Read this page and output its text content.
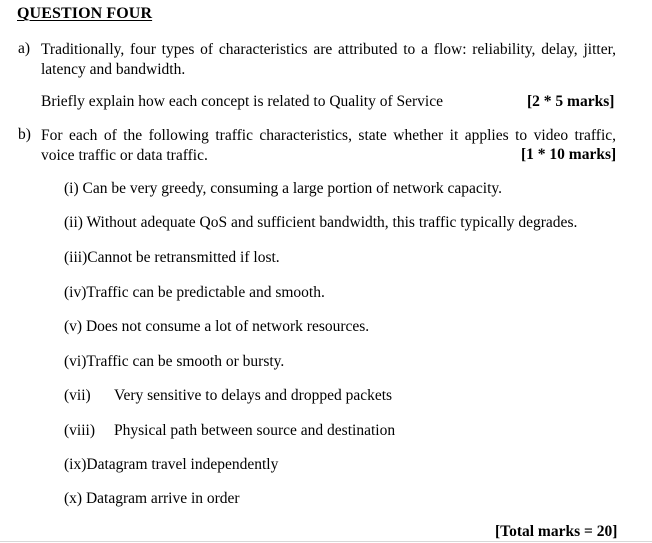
QUESTION FOUR
a) Traditionally, four types of characteristics are attributed to a flow: reliability, delay, jitter, latency and bandwidth.
Briefly explain how each concept is related to Quality of Service	[2 * 5 marks]
b) For each of the following traffic characteristics, state whether it applies to video traffic, voice traffic or data traffic.	[1 * 10 marks]
(i) Can be very greedy, consuming a large portion of network capacity.
(ii) Without adequate QoS and sufficient bandwidth, this traffic typically degrades.
(iii)Cannot be retransmitted if lost.
(iv)Traffic can be predictable and smooth.
(v) Does not consume a lot of network resources.
(vi)Traffic can be smooth or bursty.
(vii) Very sensitive to delays and dropped packets
(viii) Physical path between source and destination
(ix)Datagram travel independently
(x) Datagram arrive in order
[Total marks = 20]
